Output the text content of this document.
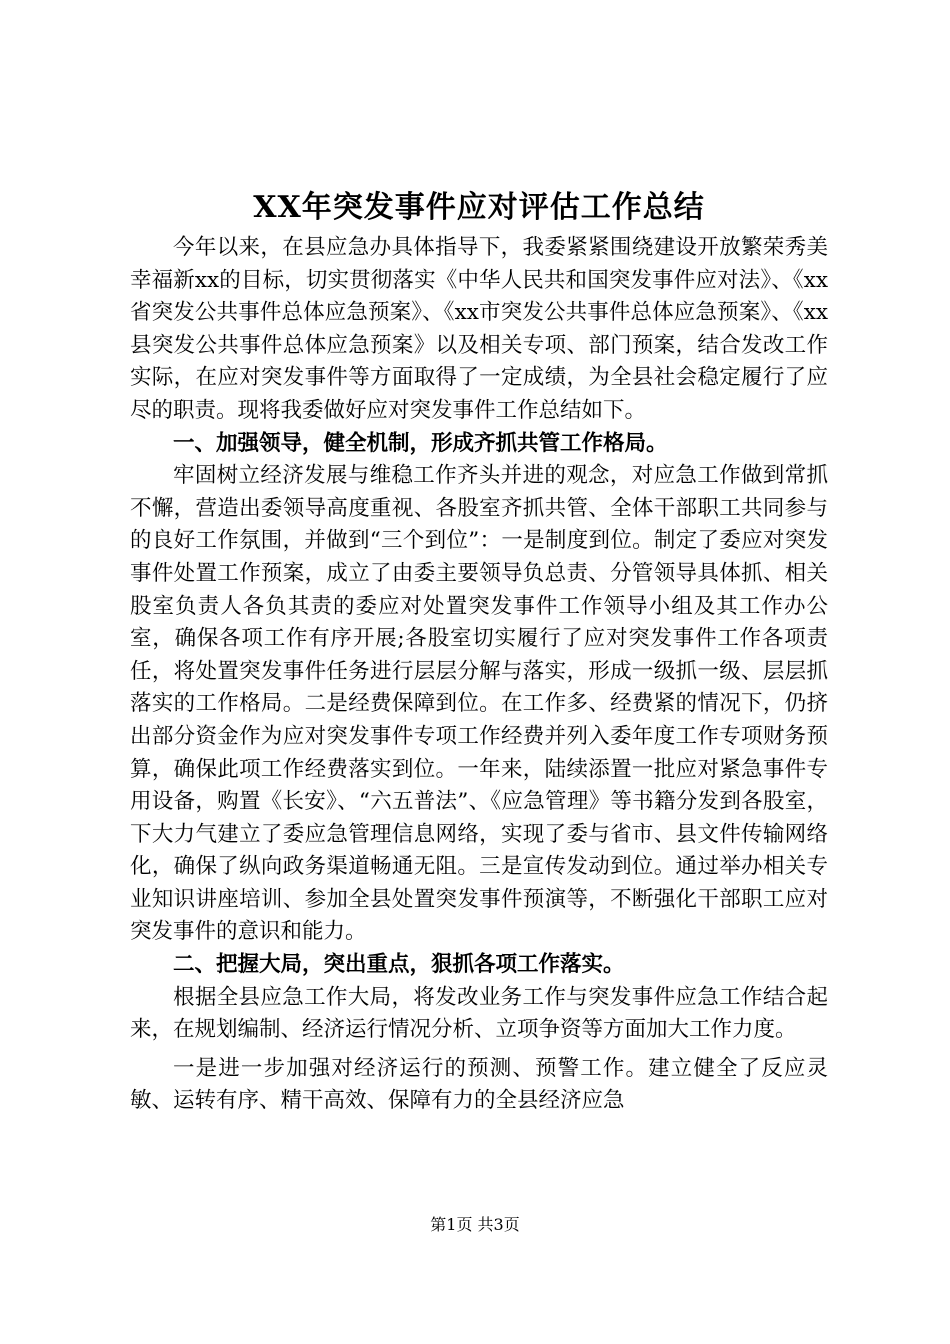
XX年突发事件应对评估工作总结

今年以来，在县应急办具体指导下，我委紧紧围绕建设开放繁荣秀美幸福新xx的目标，切实贯彻落实《中华人民共和国突发事件应对法》、《xx省突发公共事件总体应急预案》、《xx市突发公共事件总体应急预案》、《xx县突发公共事件总体应急预案》以及相关专项、部门预案，结合发改工作实际，在应对突发事件等方面取得了一定成绩，为全县社会稳定履行了应尽的职责。现将我委做好应对突发事件工作总结如下。

一、加强领导，健全机制，形成齐抓共管工作格局。

牢固树立经济发展与维稳工作齐头并进的观念，对应急工作做到常抓不懈，营造出委领导高度重视、各股室齐抓共管、全体干部职工共同参与的良好工作氛围，并做到“三个到位”：一是制度到位。制定了委应对突发事件处置工作预案，成立了由委主要领导负总责、分管领导具体抓、相关股室负责人各负其责的委应对处置突发事件工作领导小组及其工作办公室，确保各项工作有序开展;各股室切实履行了应对突发事件工作各项责任，将处置突发事件任务进行层层分解与落实，形成一级抓一级、层层抓落实的工作格局。二是经费保障到位。在工作多、经费紧的情况下，仍挤出部分资金作为应对突发事件专项工作经费并列入委年度工作专项财务预算，确保此项工作经费落实到位。一年来，陆续添置一批应对紧急事件专用设备，购置《长安》、“六五普法”、《应急管理》等书籍分发到各股室，下大力气建立了委应急管理信息网络，实现了委与省市、县文件传输网络化，确保了纵向政务渠道畅通无阻。三是宣传发动到位。通过举办相关专业知识讲座培训、参加全县处置突发事件预演等，不断强化干部职工应对突发事件的意识和能力。

二、把握大局，突出重点，狠抓各项工作落实。

根据全县应急工作大局，将发改业务工作与突发事件应急工作结合起来，在规划编制、经济运行情况分析、立项争资等方面加大工作力度。

一是进一步加强对经济运行的预测、预警工作。建立健全了反应灵敏、运转有序、精干高效、保障有力的全县经济应急

第1页 共3页
